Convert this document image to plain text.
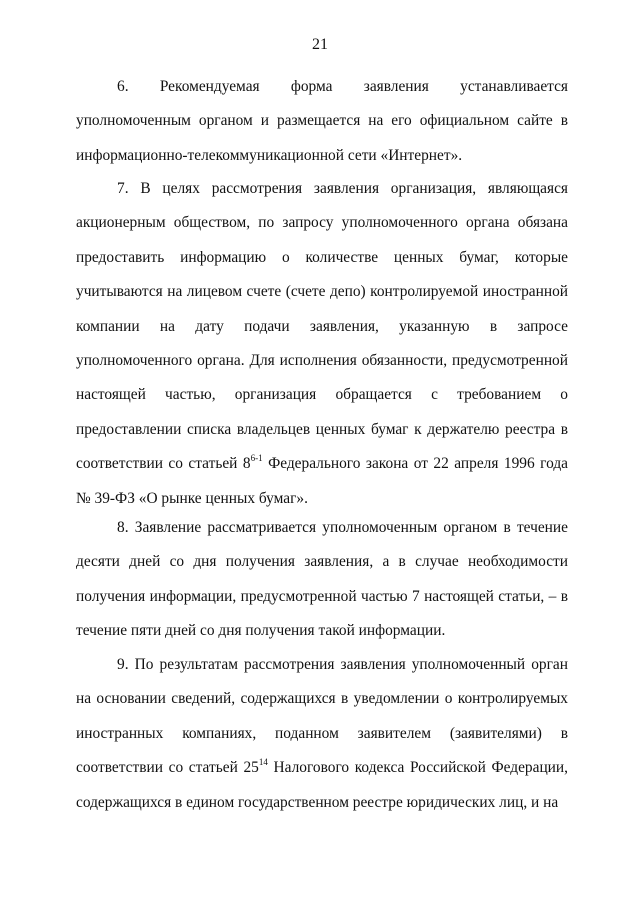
21
6. Рекомендуемая форма заявления устанавливается уполномоченным органом и размещается на его официальном сайте в информационно-телекоммуникационной сети «Интернет».
7. В целях рассмотрения заявления организация, являющаяся акционерным обществом, по запросу уполномоченного органа обязана предоставить информацию о количестве ценных бумаг, которые учитываются на лицевом счете (счете депо) контролируемой иностранной компании на дату подачи заявления, указанную в запросе уполномоченного органа. Для исполнения обязанности, предусмотренной настоящей частью, организация обращается с требованием о предоставлении списка владельцев ценных бумаг к держателю реестра в соответствии со статьей 8$^{6-1}$ Федерального закона от 22 апреля 1996 года № 39-ФЗ «О рынке ценных бумаг».
8. Заявление рассматривается уполномоченным органом в течение десяти дней со дня получения заявления, а в случае необходимости получения информации, предусмотренной частью 7 настоящей статьи, – в течение пяти дней со дня получения такой информации.
9. По результатам рассмотрения заявления уполномоченный орган на основании сведений, содержащихся в уведомлении о контролируемых иностранных компаниях, поданном заявителем (заявителями) в соответствии со статьей $25^{14}$ Налогового кодекса Российской Федерации, содержащихся в едином государственном реестре юридических лиц, и на
